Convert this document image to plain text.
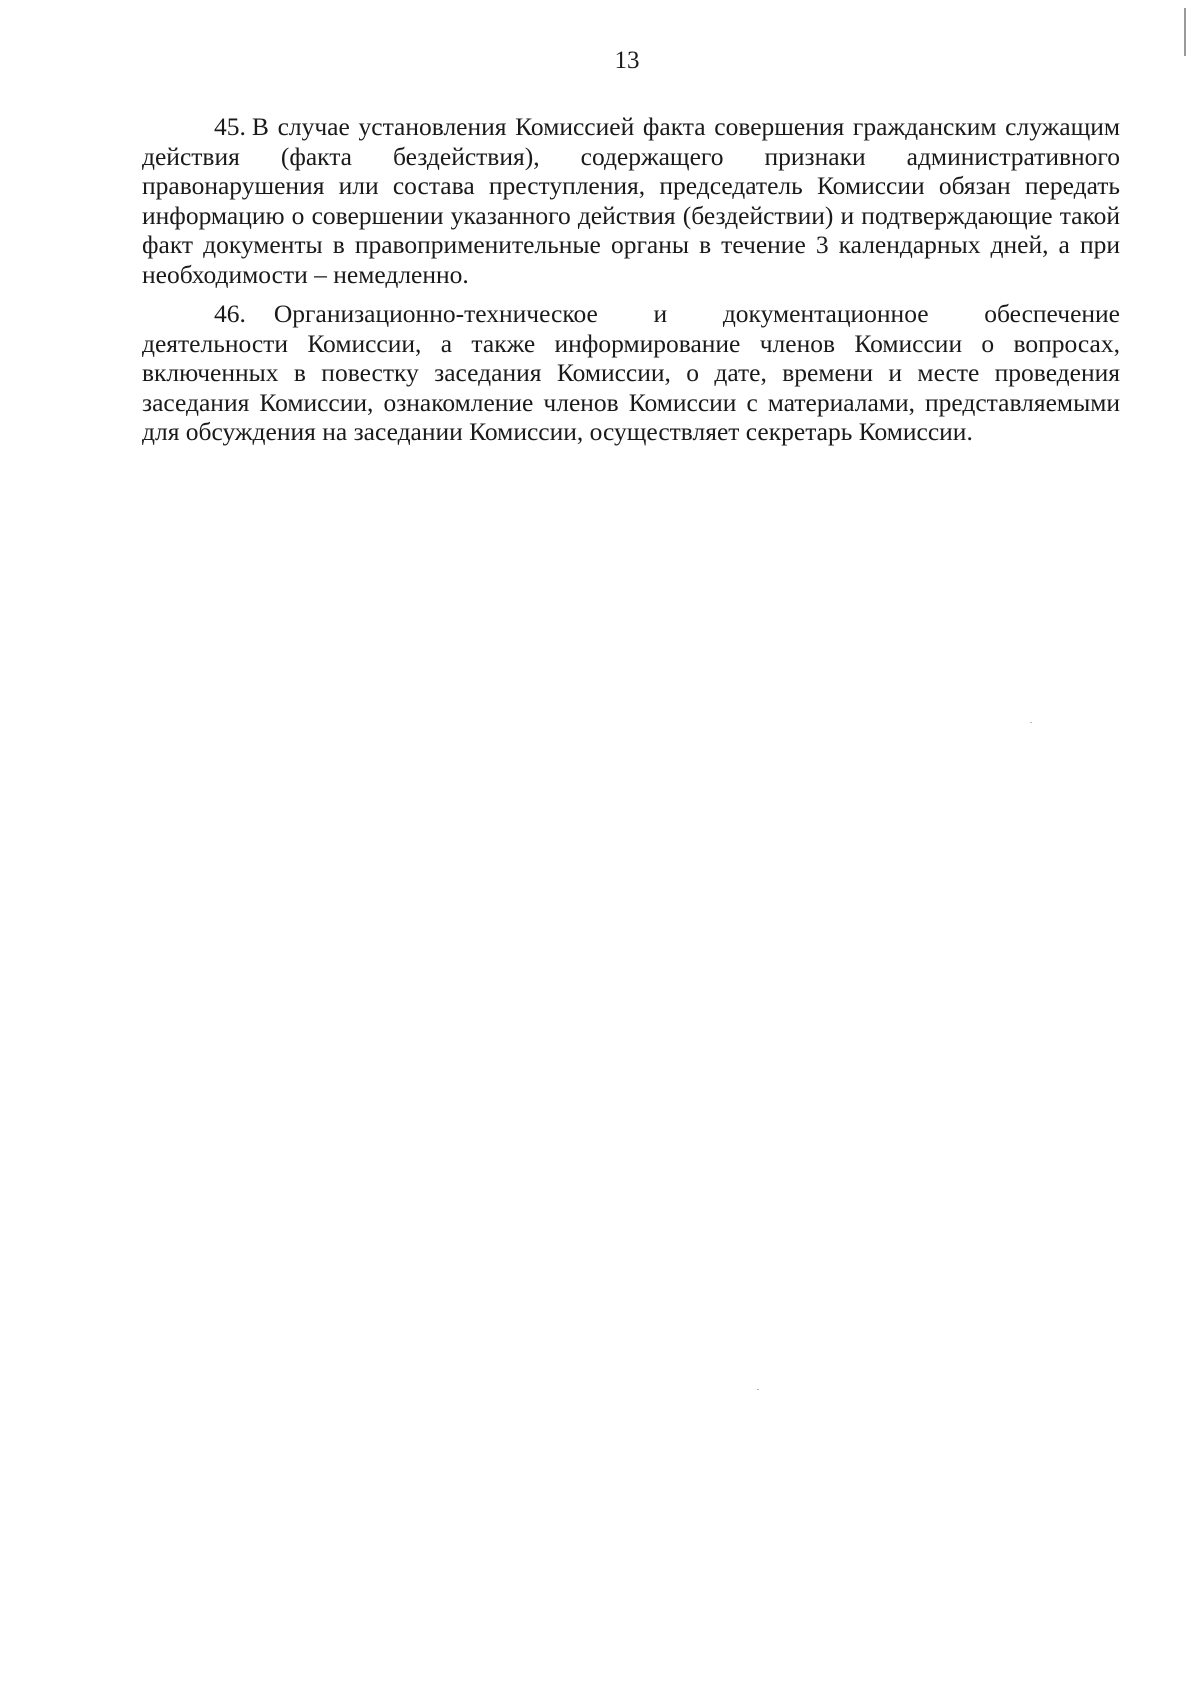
13

45. В случае установления Комиссией факта совершения гражданским служащим действия (факта бездействия), содержащего признаки административного правонарушения или состава преступления, председатель Комиссии обязан передать информацию о совершении указанного действия (бездействии) и подтверждающие такой факт документы в правоприменительные органы в течение 3 календарных дней, а при необходимости – немедленно.

46. Организационно-техническое и документационное обеспечение деятельности Комиссии, а также информирование членов Комиссии о вопросах, включенных в повестку заседания Комиссии, о дате, времени и месте проведения заседания Комиссии, ознакомление членов Комиссии с материалами, представляемыми для обсуждения на заседании Комиссии, осуществляет секретарь Комиссии.
